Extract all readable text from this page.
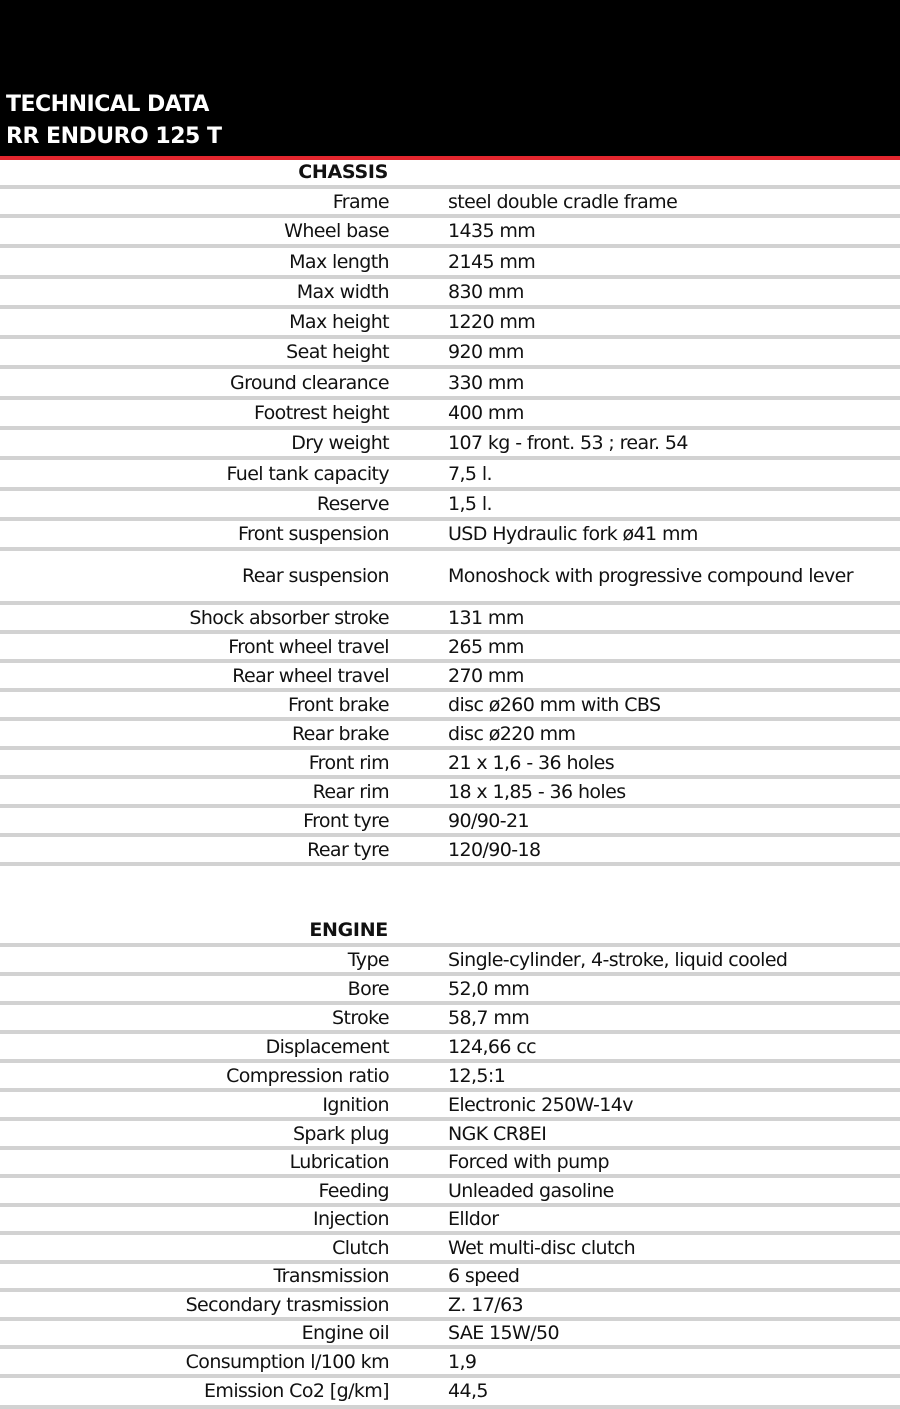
TECHNICAL DATA
RR ENDURO 125 T
CHASSIS
Frame	steel double cradle frame
Wheel base	1435 mm
Max length	2145 mm
Max width	830 mm
Max height	1220 mm
Seat height	920 mm
Ground clearance	330 mm
Footrest height	400 mm
Dry weight	107 kg - front. 53 ; rear. 54
Fuel tank capacity	7,5 l.
Reserve	1,5 l.
Front suspension	USD Hydraulic fork ø41 mm
Rear suspension	Monoshock with progressive compound lever
Shock absorber stroke	131 mm
Front wheel travel	265 mm
Rear wheel travel	270 mm
Front brake	disc ø260 mm with CBS
Rear brake	disc ø220 mm
Front rim	21 x 1,6 - 36 holes
Rear rim	18 x 1,85 - 36 holes
Front tyre	90/90-21
Rear tyre	120/90-18
ENGINE
Type	Single-cylinder, 4-stroke, liquid cooled
Bore	52,0 mm
Stroke	58,7 mm
Displacement	124,66 cc
Compression ratio	12,5:1
Ignition	Electronic 250W-14v
Spark plug	NGK CR8EI
Lubrication	Forced with pump
Feeding	Unleaded gasoline
Injection	Elldor
Clutch	Wet multi-disc clutch
Transmission	6 speed
Secondary trasmission	Z. 17/63
Engine oil	SAE 15W/50
Consumption l/100 km	1,9
Emission Co2 [g/km]	44,5
